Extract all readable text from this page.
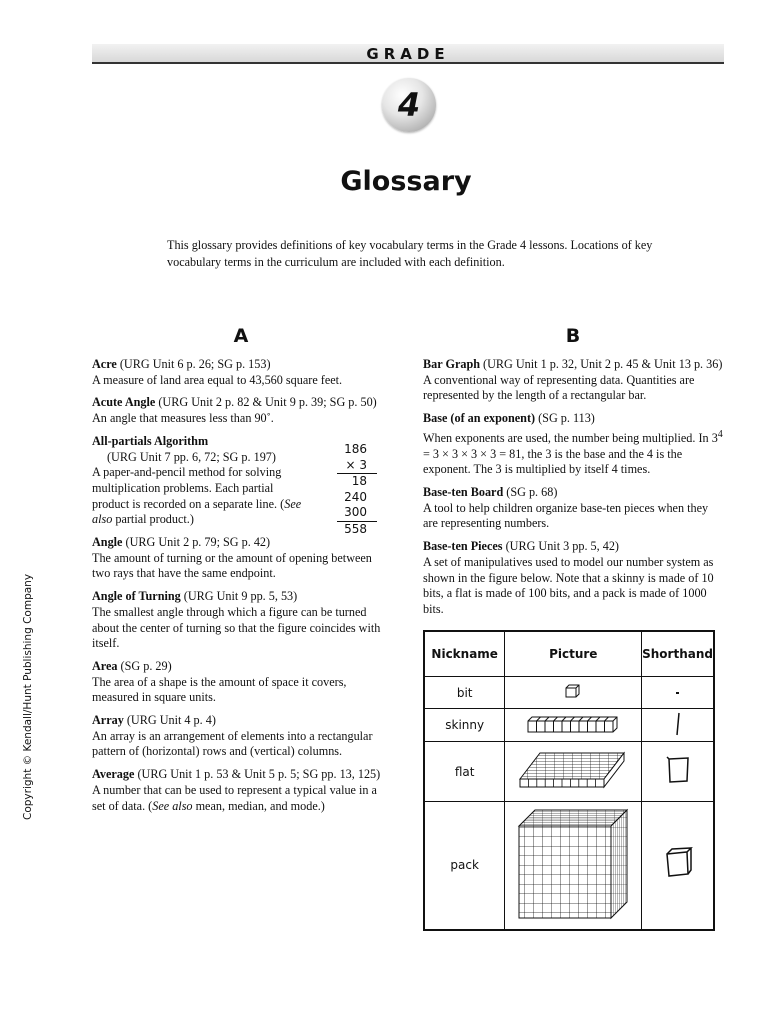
GRADE
4
Glossary
This glossary provides definitions of key vocabulary terms in the Grade 4 lessons. Locations of key vocabulary terms in the curriculum are included with each definition.
A	B
Copyright © Kendall/Hunt Publishing Company
Acre (URG Unit 6 p. 26; SG p. 153)
A measure of land area equal to 43,560 square feet.
Acute Angle (URG Unit 2 p. 82 & Unit 9 p. 39; SG p. 50)
An angle that measures less than 90˚.
All-partials Algorithm
(URG Unit 7 pp. 6, 72; SG p. 197)
A paper-and-pencil method for solving multiplication problems. Each partial product is recorded on a separate line. (See also partial product.)
Angle (URG Unit 2 p. 79; SG p. 42)
The amount of turning or the amount of opening between two rays that have the same endpoint.
Angle of Turning (URG Unit 9 pp. 5, 53)
The smallest angle through which a figure can be turned about the center of turning so that the figure coincides with itself.
Area (SG p. 29)
The area of a shape is the amount of space it covers, measured in square units.
Array (URG Unit 4 p. 4)
An array is an arrangement of elements into a rectangular pattern of (horizontal) rows and (vertical) columns.
Average (URG Unit 1 p. 53 & Unit 5 p. 5; SG pp. 13, 125)
A number that can be used to represent a typical value in a set of data. (See also mean, median, and mode.)
186
× 3
18
240
300
558
Bar Graph (URG Unit 1 p. 32, Unit 2 p. 45 & Unit 13 p. 36)
A conventional way of representing data. Quantities are represented by the length of a rectangular bar.
Base (of an exponent) (SG p. 113)
When exponents are used, the number being multiplied. In $3^4 = 3 \times 3 \times 3 \times 3 = 81$, the 3 is the base and the 4 is the exponent. The 3 is multiplied by itself 4 times.
Base-ten Board (SG p. 68)
A tool to help children organize base-ten pieces when they are representing numbers.
Base-ten Pieces (URG Unit 3 pp. 5, 42)
A set of manipulatives used to model our number system as shown in the figure below. Note that a skinny is made of 10 bits, a flat is made of 100 bits, and a pack is made of 1000 bits.
Nickname	Picture	Shorthand
bit		
skinny		
flat		
pack		
